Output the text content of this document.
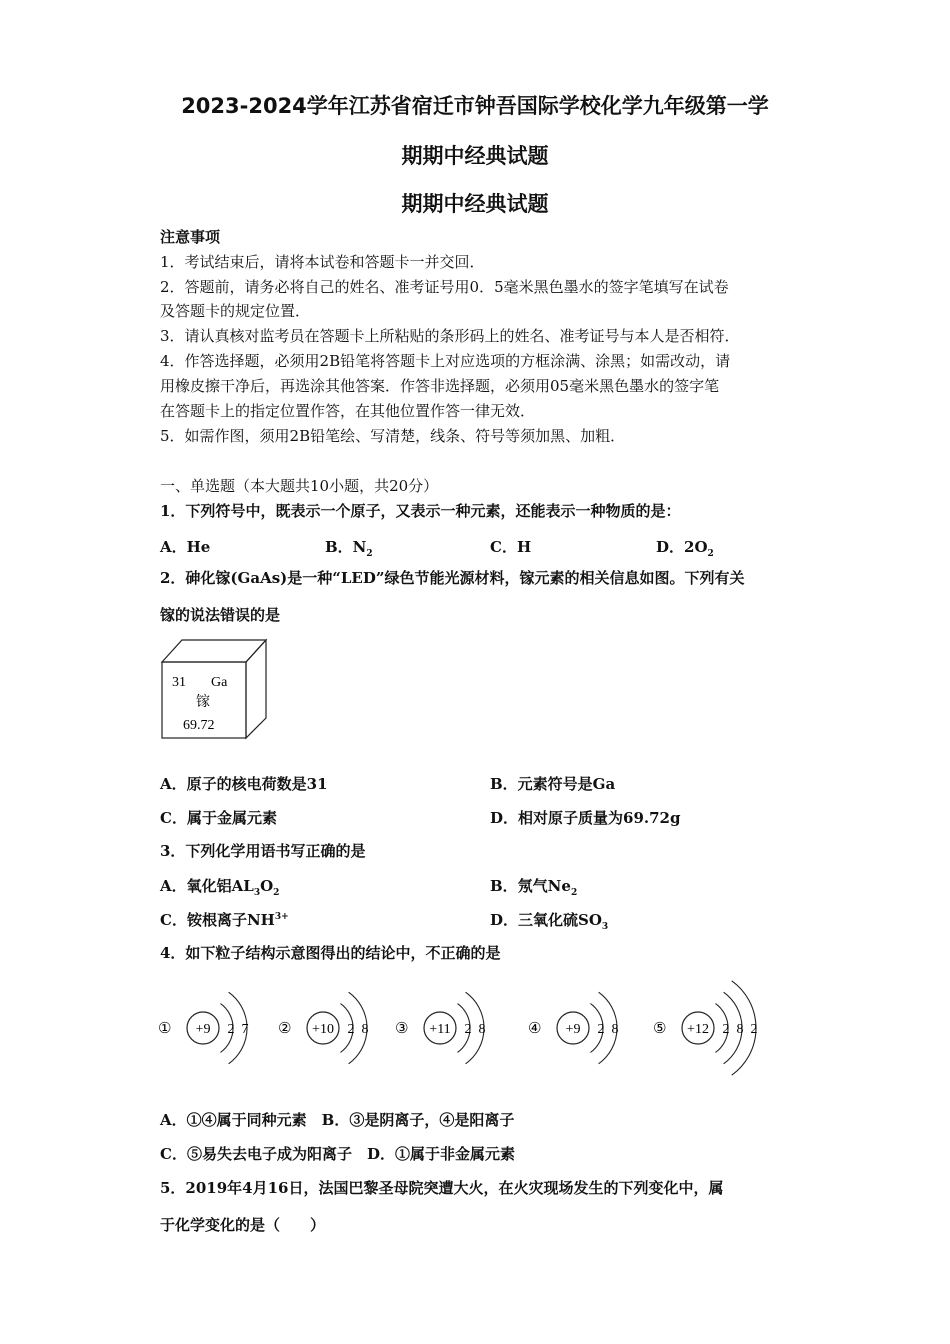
2023-2024学年江苏省宿迁市钟吾国际学校化学九年级第一学
期期中经典试题
期期中经典试题
注意事项
1．考试结束后，请将本试卷和答题卡一并交回．
2．答题前，请务必将自己的姓名、准考证号用0．5毫米黑色墨水的签字笔填写在试卷
及答题卡的规定位置．
3．请认真核对监考员在答题卡上所粘贴的条形码上的姓名、准考证号与本人是否相符．
4．作答选择题，必须用2B铅笔将答题卡上对应选项的方框涂满、涂黑；如需改动，请
用橡皮擦干净后，再选涂其他答案．作答非选择题，必须用05毫米黑色墨水的签字笔
在答题卡上的指定位置作答，在其他位置作答一律无效．
5．如需作图，须用2B铅笔绘、写清楚，线条、符号等须加黑、加粗．
一、单选题（本大题共10小题，共20分）
1．下列符号中，既表示一个原子，又表示一种元素，还能表示一种物质的是：
A．He	B．$N_2$	C．H	D．$2O_2$
2．砷化镓(GaAs)是一种“LED”绿色节能光源材料，镓元素的相关信息如图。下列有关
镓的说法错误的是
31 Ga
镓
69.72
A．原子的核电荷数是31	B．元素符号是Ga
C．属于金属元素	D．相对原子质量为69.72g
3．下列化学用语书写正确的是
A．氧化铝$AL_3O_2$	B．氖气$Ne_2$
C．铵根离子$NH^{3+}$	D．三氧化硫$SO_3$
4．如下粒子结构示意图得出的结论中，不正确的是
① +9 2 7 ② +10 2 8 ③ +11 2 8	④ +9 2 8 ⑤ +12 2 8 2
A．①④属于同种元素　B．③是阴离子，④是阳离子
C．⑤易失去电子成为阳离子　D．①属于非金属元素
5．2019年4月16日，法国巴黎圣母院突遭大火，在火灾现场发生的下列变化中，属
于化学变化的是（　　）
